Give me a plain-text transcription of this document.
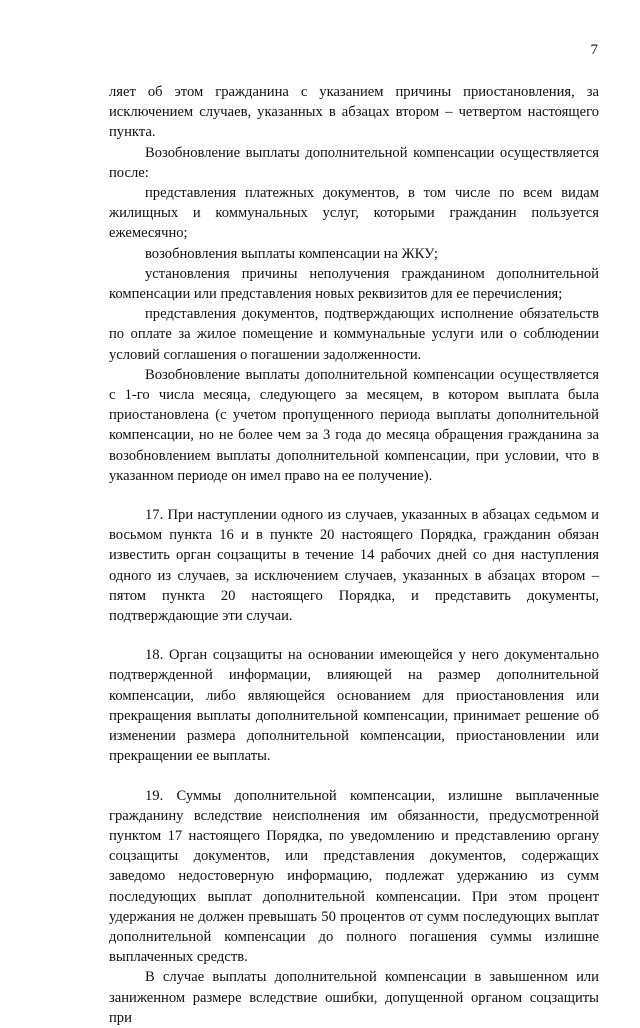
7

ляет об этом гражданина с указанием причины приостановления, за исключением случаев, указанных в абзацах втором – четвертом настоящего пункта.

Возобновление выплаты дополнительной компенсации осуществляется после:

представления платежных документов, в том числе по всем видам жилищных и коммунальных услуг, которыми гражданин пользуется ежемесячно;

возобновления выплаты компенсации на ЖКУ;

установления причины неполучения гражданином дополнительной компенсации или представления новых реквизитов для ее перечисления;

представления документов, подтверждающих исполнение обязательств по оплате за жилое помещение и коммунальные услуги или о соблюдении условий соглашения о погашении задолженности.

Возобновление выплаты дополнительной компенсации осуществляется с 1-го числа месяца, следующего за месяцем, в котором выплата была приостановлена (с учетом пропущенного периода выплаты дополнительной компенсации, но не более чем за 3 года до месяца обращения гражданина за возобновлением выплаты дополнительной компенсации, при условии, что в указанном периоде он имел право на ее получение).

17. При наступлении одного из случаев, указанных в абзацах седьмом и восьмом пункта 16 и в пункте 20 настоящего Порядка, гражданин обязан известить орган соцзащиты в течение 14 рабочих дней со дня наступления одного из случаев, за исключением случаев, указанных в абзацах втором – пятом пункта 20 настоящего Порядка, и представить документы, подтверждающие эти случаи.

18. Орган соцзащиты на основании имеющейся у него документально подтвержденной информации, влияющей на размер дополнительной компенсации, либо являющейся основанием для приостановления или прекращения выплаты дополнительной компенсации, принимает решение об изменении размера дополнительной компенсации, приостановлении или прекращении ее выплаты.

19. Суммы дополнительной компенсации, излишне выплаченные гражданину вследствие неисполнения им обязанности, предусмотренной пунктом 17 настоящего Порядка, по уведомлению и представлению органу соцзащиты документов, или представления документов, содержащих заведомо недостоверную информацию, подлежат удержанию из сумм последующих выплат дополнительной компенсации. При этом процент удержания не должен превышать 50 процентов от сумм последующих выплат дополнительной компенсации до полного погашения суммы излишне выплаченных средств.

В случае выплаты дополнительной компенсации в завышенном или заниженном размере вследствие ошибки, допущенной органом соцзащиты при
